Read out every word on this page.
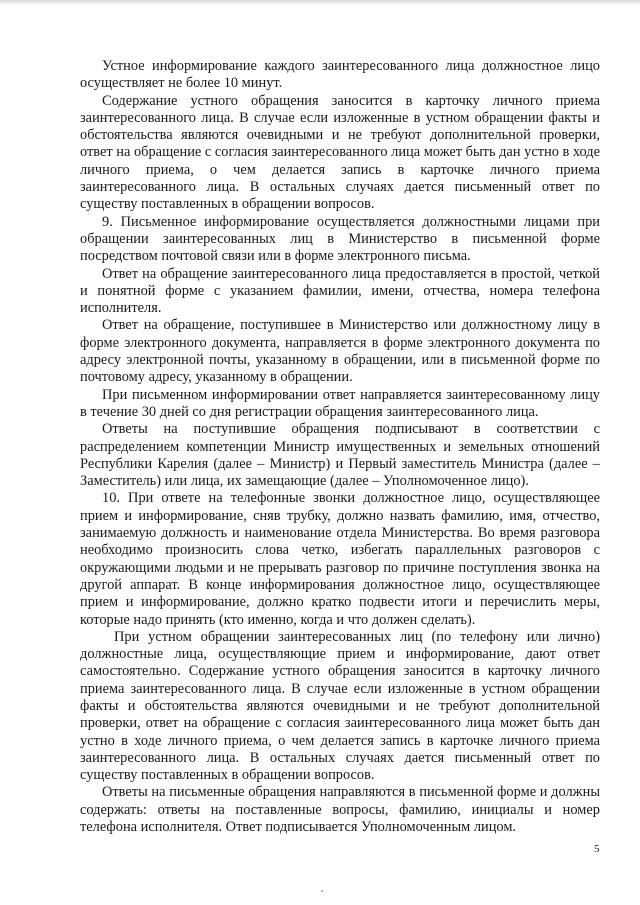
Устное информирование каждого заинтересованного лица должностное лицо осуществляет не более 10 минут.

Содержание устного обращения заносится в карточку личного приема заинтересованного лица. В случае если изложенные в устном обращении факты и обстоятельства являются очевидными и не требуют дополнительной проверки, ответ на обращение с согласия заинтересованного лица может быть дан устно в ходе личного приема, о чем делается запись в карточке личного приема заинтересованного лица. В остальных случаях дается письменный ответ по существу поставленных в обращении вопросов.

9. Письменное информирование осуществляется должностными лицами при обращении заинтересованных лиц в Министерство в письменной форме посредством почтовой связи или в форме электронного письма.

Ответ на обращение заинтересованного лица предоставляется в простой, четкой и понятной форме с указанием фамилии, имени, отчества, номера телефона исполнителя.

Ответ на обращение, поступившее в Министерство или должностному лицу в форме электронного документа, направляется в форме электронного документа по адресу электронной почты, указанному в обращении, или в письменной форме по почтовому адресу, указанному в обращении.

При письменном информировании ответ направляется заинтересованному лицу в течение 30 дней со дня регистрации обращения заинтересованного лица.

Ответы на поступившие обращения подписывают в соответствии с распределением компетенции Министр имущественных и земельных отношений Республики Карелия (далее – Министр) и Первый заместитель Министра (далее – Заместитель) или лица, их замещающие (далее – Уполномоченное лицо).

10. При ответе на телефонные звонки должностное лицо, осуществляющее прием и информирование, сняв трубку, должно назвать фамилию, имя, отчество, занимаемую должность и наименование отдела Министерства. Во время разговора необходимо произносить слова четко, избегать параллельных разговоров с окружающими людьми и не прерывать разговор по причине поступления звонка на другой аппарат. В конце информирования должностное лицо, осуществляющее прием и информирование, должно кратко подвести итоги и перечислить меры, которые надо принять (кто именно, когда и что должен сделать).

При устном обращении заинтересованных лиц (по телефону или лично) должностные лица, осуществляющие прием и информирование, дают ответ самостоятельно. Содержание устного обращения заносится в карточку личного приема заинтересованного лица. В случае если изложенные в устном обращении факты и обстоятельства являются очевидными и не требуют дополнительной проверки, ответ на обращение с согласия заинтересованного лица может быть дан устно в ходе личного приема, о чем делается запись в карточке личного приема заинтересованного лица. В остальных случаях дается письменный ответ по существу поставленных в обращении вопросов.

Ответы на письменные обращения направляются в письменной форме и должны содержать: ответы на поставленные вопросы, фамилию, инициалы и номер телефона исполнителя. Ответ подписывается Уполномоченным лицом.

5
